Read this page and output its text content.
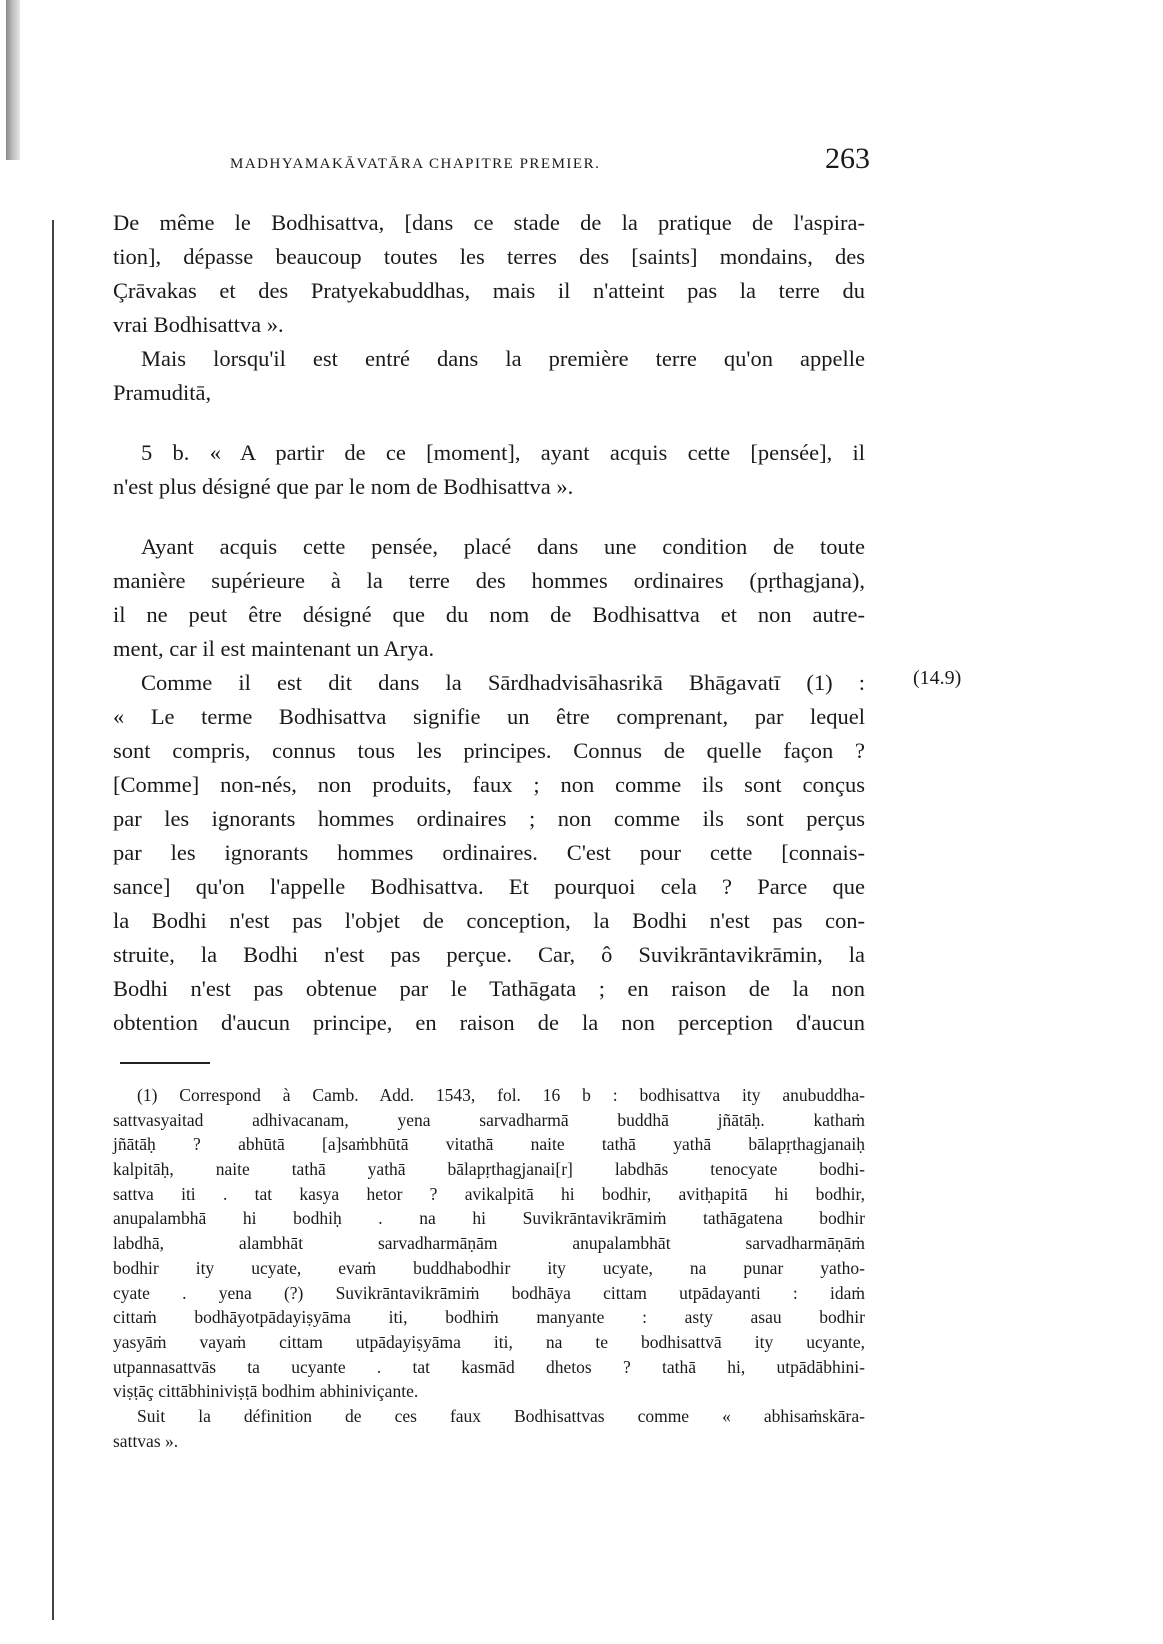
MADHYAMAKĀVATĀRA CHAPITRE PREMIER.	263
De même le Bodhisattva, [dans ce stade de la pratique de l'aspira-
tion], dépasse beaucoup toutes les terres des [saints] mondains, des
Çrāvakas et des Pratyekabuddhas, mais il n'atteint pas la terre du
vrai Bodhisattva ».
Mais lorsqu'il est entré dans la première terre qu'on appelle
Pramuditā,
5 b. « A partir de ce [moment], ayant acquis cette [pensée], il
n'est plus désigné que par le nom de Bodhisattva ».
Ayant acquis cette pensée, placé dans une condition de toute
manière supérieure à la terre des hommes ordinaires (pṛthagjana),
il ne peut être désigné que du nom de Bodhisattva et non autre-
ment, car il est maintenant un Arya.
Comme il est dit dans la Sārdhadvisāhasrikā Bhāgavatī (1) :
« Le terme Bodhisattva signifie un être comprenant, par lequel
sont compris, connus tous les principes. Connus de quelle façon ?
[Comme] non-nés, non produits, faux ; non comme ils sont conçus
par les ignorants hommes ordinaires ; non comme ils sont perçus
par les ignorants hommes ordinaires. C'est pour cette [connais-
sance] qu'on l'appelle Bodhisattva. Et pourquoi cela ? Parce que
la Bodhi n'est pas l'objet de conception, la Bodhi n'est pas con-
struite, la Bodhi n'est pas perçue. Car, ô Suvikrāntavikrāmin, la
Bodhi n'est pas obtenue par le Tathāgata ; en raison de la non
obtention d'aucun principe, en raison de la non perception d'aucun
(14.9)
(1) Correspond à Camb. Add. 1543, fol. 16 b : bodhisattva ity anubuddha-
sattvasyaitad adhivacanam, yena sarvadharmā buddhā jñātāḥ. kathaṁ
jñātāḥ ? abhūtā [a]saṁbhūtā vitathā naite tathā yathā bālapṛthagjanaiḥ
kalpitāḥ, naite tathā yathā bālapṛthagjanai[r] labdhās tenocyate bodhi-
sattva iti . tat kasya hetor ? avikalpitā hi bodhir, avitḥapitā hi bodhir,
anupalambhā hi bodhiḥ . na hi Suvikrāntavikrāmiṁ tathāgatena bodhir
labdhā, alambhāt sarvadharmāṇām anupalambhāt sarvadharmāṇāṁ
bodhir ity ucyate, evaṁ buddhabodhir ity ucyate, na punar yatho-
cyate . yena (?) Suvikrāntavikrāmiṁ bodhāya cittam utpādayanti : idaṁ
cittaṁ bodhāyotpādayiṣyāma iti, bodhiṁ manyante : asty asau bodhir
yasyāṁ vayaṁ cittam utpādayiṣyāma iti, na te bodhisattvā ity ucyante,
utpannasattvās ta ucyante . tat kasmād dhetos ? tathā hi, utpādābhini-
viṣṭāç cittābhiniviṣṭā bodhim abhiniviçante.
Suit la définition de ces faux Bodhisattvas comme « abhisaṁskāra-
sattvas ».
